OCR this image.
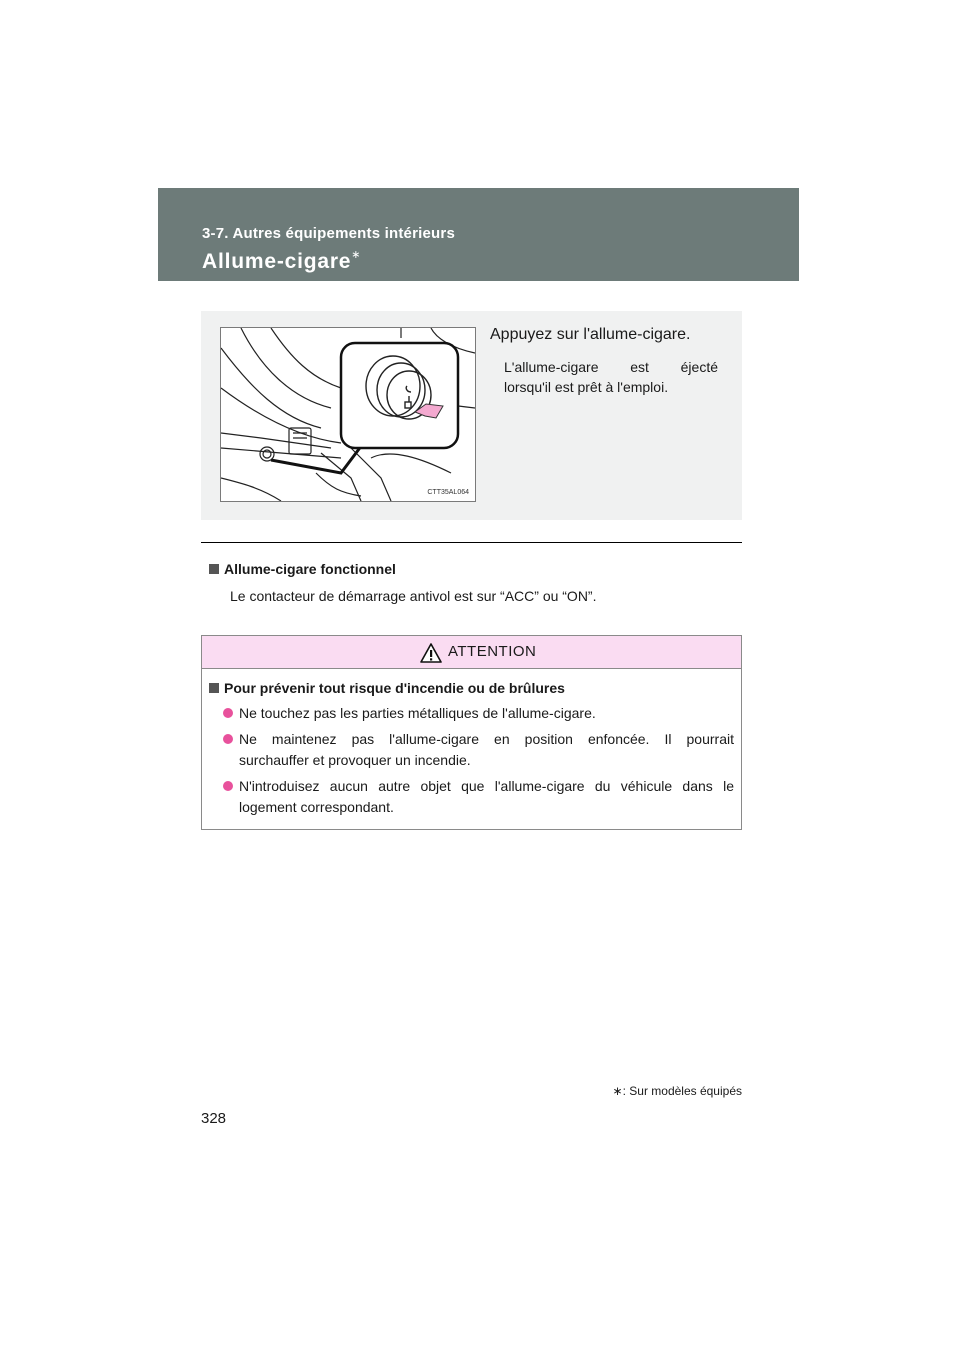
3-7. Autres équipements intérieurs
Allume-cigare∗
CTT35AL064
Appuyez sur l'allume-cigare.
L'allume-cigare est éjecté
lorsqu'il est prêt à l'emploi.
Allume-cigare fonctionnel
Le contacteur de démarrage antivol est sur “ACC” ou “ON”.
ATTENTION
Pour prévenir tout risque d'incendie ou de brûlures
Ne touchez pas les parties métalliques de l'allume-cigare.
Ne maintenez pas l'allume-cigare en position enfoncée. Il pourrait
surchauffer et provoquer un incendie.
N'introduisez aucun autre objet que l'allume-cigare du véhicule dans le
logement correspondant.
∗: Sur modèles équipés
328
